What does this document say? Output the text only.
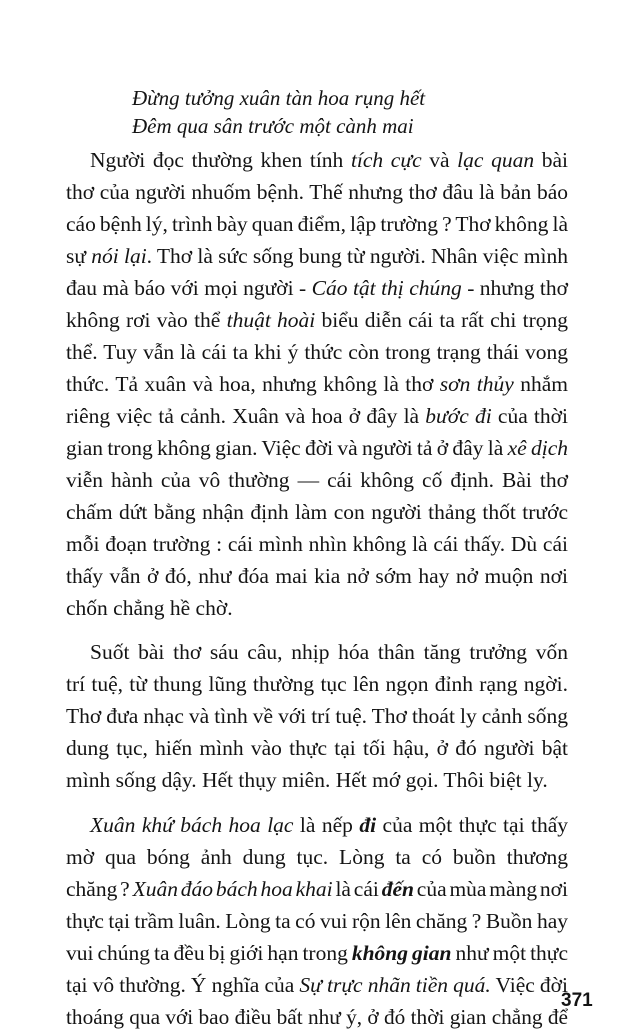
Đừng tưởng xuân tàn hoa rụng hết
Đêm qua sân trước một cành mai
Người đọc thường khen tính tích cực và lạc quan bài
thơ của người nhuốm bệnh. Thế nhưng thơ đâu là bản báo
cáo bệnh lý, trình bày quan điểm, lập trường ? Thơ không là
sự nói lại. Thơ là sức sống bung từ người. Nhân việc mình
đau mà báo với mọi người - Cáo tật thị chúng - nhưng thơ
không rơi vào thể thuật hoài biểu diễn cái ta rất chi trọng
thể. Tuy vẫn là cái ta khi ý thức còn trong trạng thái vong
thức. Tả xuân và hoa, nhưng không là thơ sơn thủy nhắm
riêng việc tả cảnh. Xuân và hoa ở đây là bước đi của thời
gian trong không gian. Việc đời và người tả ở đây là xê dịch
viễn hành của vô thường — cái không cố định. Bài thơ
chấm dứt bằng nhận định làm con người thảng thốt trước
mỗi đoạn trường : cái mình nhìn không là cái thấy. Dù cái
thấy vẫn ở đó, như đóa mai kia nở sớm hay nở muộn nơi
chốn chẳng hề chờ.
Suốt bài thơ sáu câu, nhịp hóa thân tăng trưởng vốn
trí tuệ, từ thung lũng thường tục lên ngọn đỉnh rạng ngời.
Thơ đưa nhạc và tình về với trí tuệ. Thơ thoát ly cảnh sống
dung tục, hiến mình vào thực tại tối hậu, ở đó người bật
mình sống dậy. Hết thụy miên. Hết mớ gọi. Thôi biệt ly.
Xuân khứ bách hoa lạc là nếp đi của một thực tại thấy
mờ qua bóng ảnh dung tục. Lòng ta có buồn thương
chăng ? Xuân đáo bách hoa khai là cái đến của mùa màng nơi
thực tại trầm luân. Lòng ta có vui rộn lên chăng ? Buồn hay
vui chúng ta đều bị giới hạn trong không gian như một thực
tại vô thường. Ý nghĩa của Sự trực nhãn tiền quá. Việc đời
thoáng qua với bao điều bất như ý, ở đó thời gian chẳng để
371
